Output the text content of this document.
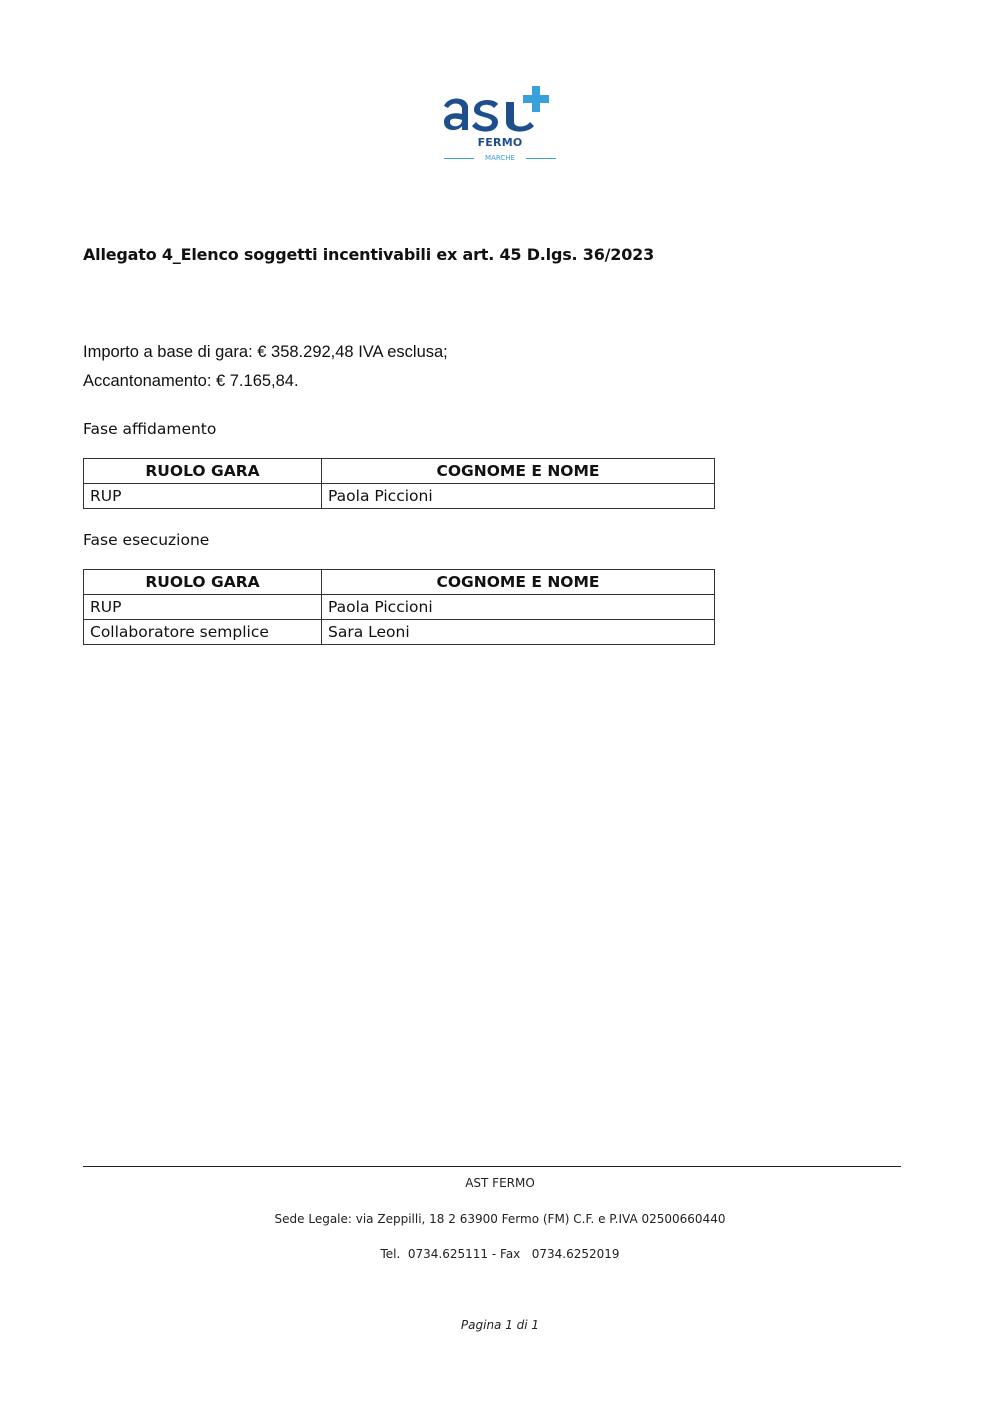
FERMO
MARCHE
Allegato 4_Elenco soggetti incentivabili ex art. 45 D.lgs. 36/2023
Importo a base di gara: € 358.292,48 IVA esclusa;
Accantonamento: € 7.165,84.
Fase affidamento
RUOLO GARA	COGNOME E NOME
RUP	Paola Piccioni
Fase esecuzione
RUOLO GARA	COGNOME E NOME
RUP	Paola Piccioni
Collaboratore semplice	Sara Leoni
AST FERMO
Sede Legale: via Zeppilli, 18 2 63900 Fermo (FM) C.F. e P.IVA 02500660440
Tel.  0734.625111 - Fax   0734.6252019
Pagina 1 di 1
